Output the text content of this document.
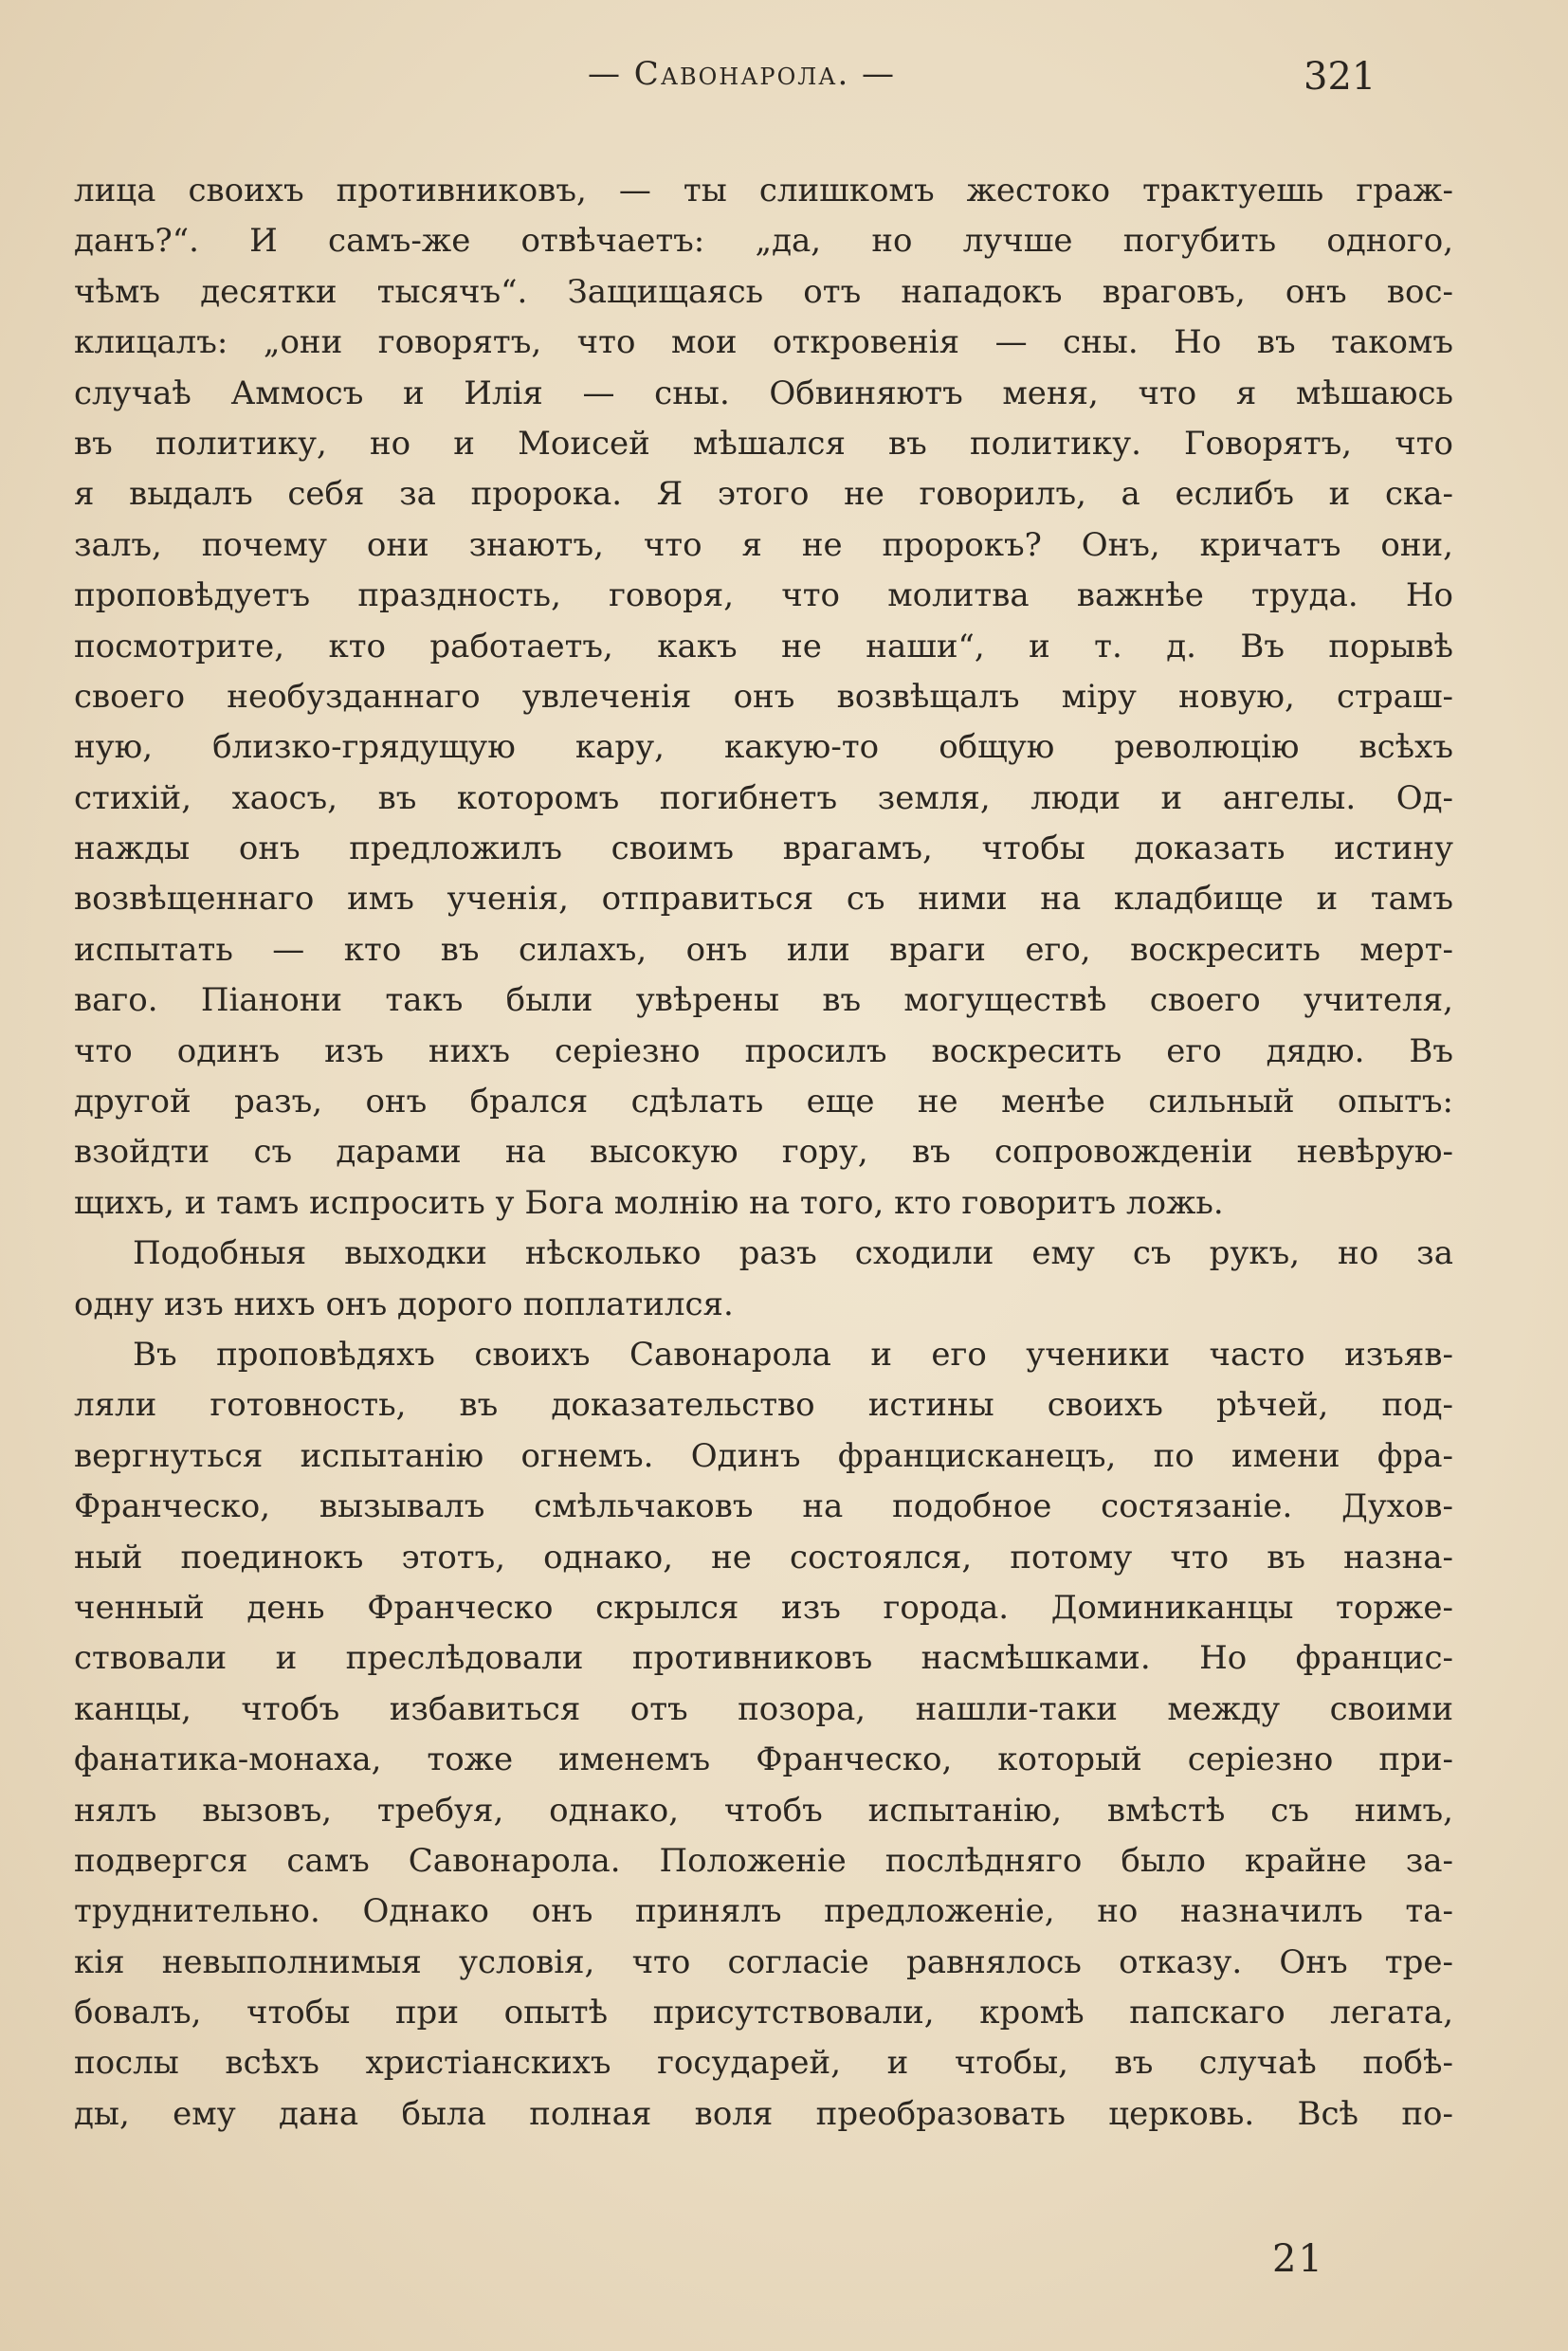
— Савонарола. —	321
лица своихъ противниковъ, — ты слишкомъ жестоко трактуешь граж-
данъ?“. И самъ-же отвѣчаетъ: „да, но лучше погубить одного,
чѣмъ десятки тысячъ“. Защищаясь отъ нападокъ враговъ, онъ вос-
клицалъ: „они говорятъ, что мои откровенія — сны. Но въ такомъ
случаѣ Аммосъ и Илія — сны. Обвиняютъ меня, что я мѣшаюсь
въ политику, но и Моисей мѣшался въ политику. Говорятъ, что
я выдалъ себя за пророка. Я этого не говорилъ, а еслибъ и ска-
залъ, почему они знаютъ, что я не пророкъ? Онъ, кричатъ они,
проповѣдуетъ праздность, говоря, что молитва важнѣе труда. Но
посмотрите, кто работаетъ, какъ не наши“, и т. д. Въ порывѣ
своего необузданнаго увлеченія онъ возвѣщалъ міру новую, страш-
ную, близко-грядущую кару, какую-то общую революцію всѣхъ
стихій, хаосъ, въ которомъ погибнетъ земля, люди и ангелы. Од-
нажды онъ предложилъ своимъ врагамъ, чтобы доказать истину
возвѣщеннаго имъ ученія, отправиться съ ними на кладбище и тамъ
испытать — кто въ силахъ, онъ или враги его, воскресить мерт-
ваго. Піанони такъ были увѣрены въ могуществѣ своего учителя,
что одинъ изъ нихъ серіезно просилъ воскресить его дядю. Въ
другой разъ, онъ брался сдѣлать еще не менѣе сильный опытъ:
взойдти съ дарами на высокую гору, въ сопровожденіи невѣрую-
щихъ, и тамъ испросить у Бога молнію на того, кто говоритъ ложь.
Подобныя выходки нѣсколько разъ сходили ему съ рукъ, но за
одну изъ нихъ онъ дорого поплатился.
Въ проповѣдяхъ своихъ Савонарола и его ученики часто изъяв-
ляли готовность, въ доказательство истины своихъ рѣчей, под-
вергнуться испытанію огнемъ. Одинъ францисканецъ, по имени фра-
Франческо, вызывалъ смѣльчаковъ на подобное состязаніе. Духов-
ный поединокъ этотъ, однако, не состоялся, потому что въ назна-
ченный день Франческо скрылся изъ города. Доминиканцы торже-
ствовали и преслѣдовали противниковъ насмѣшками. Но францис-
канцы, чтобъ избавиться отъ позора, нашли-таки между своими
фанатика-монаха, тоже именемъ Франческо, который серіезно при-
нялъ вызовъ, требуя, однако, чтобъ испытанію, вмѣстѣ съ нимъ,
подвергся самъ Савонарола. Положеніе послѣдняго было крайне за-
труднительно. Однако онъ принялъ предложеніе, но назначилъ та-
кія невыполнимыя условія, что согласіе равнялось отказу. Онъ тре-
бовалъ, чтобы при опытѣ присутствовали, кромѣ папскаго легата,
послы всѣхъ христіанскихъ государей, и чтобы, въ случаѣ побѣ-
ды, ему дана была полная воля преобразовать церковь. Всѣ по-
21
